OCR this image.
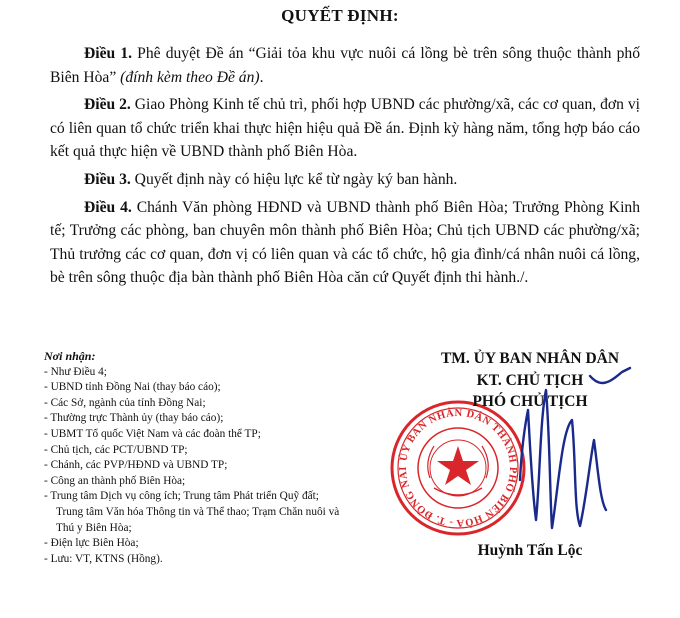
QUYẾT ĐỊNH:

Điều 1. Phê duyệt Đề án “Giải tỏa khu vực nuôi cá lồng bè trên sông thuộc thành phố Biên Hòa” (đính kèm theo Đề án).

Điều 2. Giao Phòng Kinh tế chủ trì, phối hợp UBND các phường/xã, các cơ quan, đơn vị có liên quan tổ chức triển khai thực hiện hiệu quả Đề án. Định kỳ hàng năm, tổng hợp báo cáo kết quả thực hiện về UBND thành phố Biên Hòa.

Điều 3. Quyết định này có hiệu lực kể từ ngày ký ban hành.

Điều 4. Chánh Văn phòng HĐND và UBND thành phố Biên Hòa; Trưởng Phòng Kinh tế; Trưởng các phòng, ban chuyên môn thành phố Biên Hòa; Chủ tịch UBND các phường/xã; Thủ trưởng các cơ quan, đơn vị có liên quan và các tổ chức, hộ gia đình/cá nhân nuôi cá lồng, bè trên sông thuộc địa bàn thành phố Biên Hòa căn cứ Quyết định thi hành./.

Nơi nhận:
- Như Điều 4;
- UBND tỉnh Đồng Nai (thay báo cáo);
- Các Sở, ngành của tỉnh Đồng Nai;
- Thường trực Thành ủy (thay báo cáo);
- UBMT Tổ quốc Việt Nam và các đoàn thể TP;
- Chủ tịch, các PCT/UBND TP;
- Chánh, các PVP/HĐND và UBND TP;
- Công an thành phố Biên Hòa;
- Trung tâm Dịch vụ công ích; Trung tâm Phát triển Quỹ đất; Trung tâm Văn hóa Thông tin và Thể thao; Trạm Chăn nuôi và Thú y Biên Hòa;
- Điện lực Biên Hòa;
- Lưu: VT, KTNS (Hồng).
ỦY BAN NHÂN DÂN THÀNH PHỐ BIÊN HÒA - T. ĐỒNG NAI
TM. ỦY BAN NHÂN DÂN
KT. CHỦ TỊCH
PHÓ CHỦ TỊCH
Huỳnh Tấn Lộc
